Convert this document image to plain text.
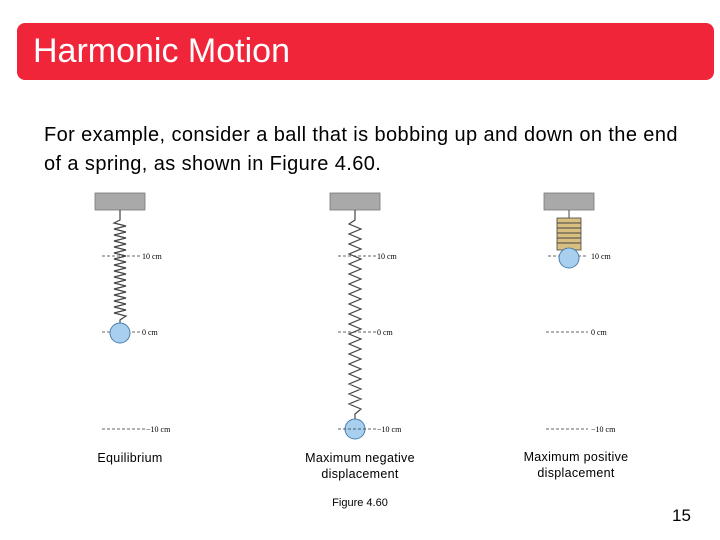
Harmonic Motion
For example, consider a ball that is bobbing up and down on the end of a spring, as shown in Figure 4.60.
10 cm
0 cm
−10 cm
10 cm
0 cm
−10 cm
10 cm
0 cm
−10 cm
Equilibrium	Maximum negative displacement
Maximum positive displacement
Figure 4.60
15
